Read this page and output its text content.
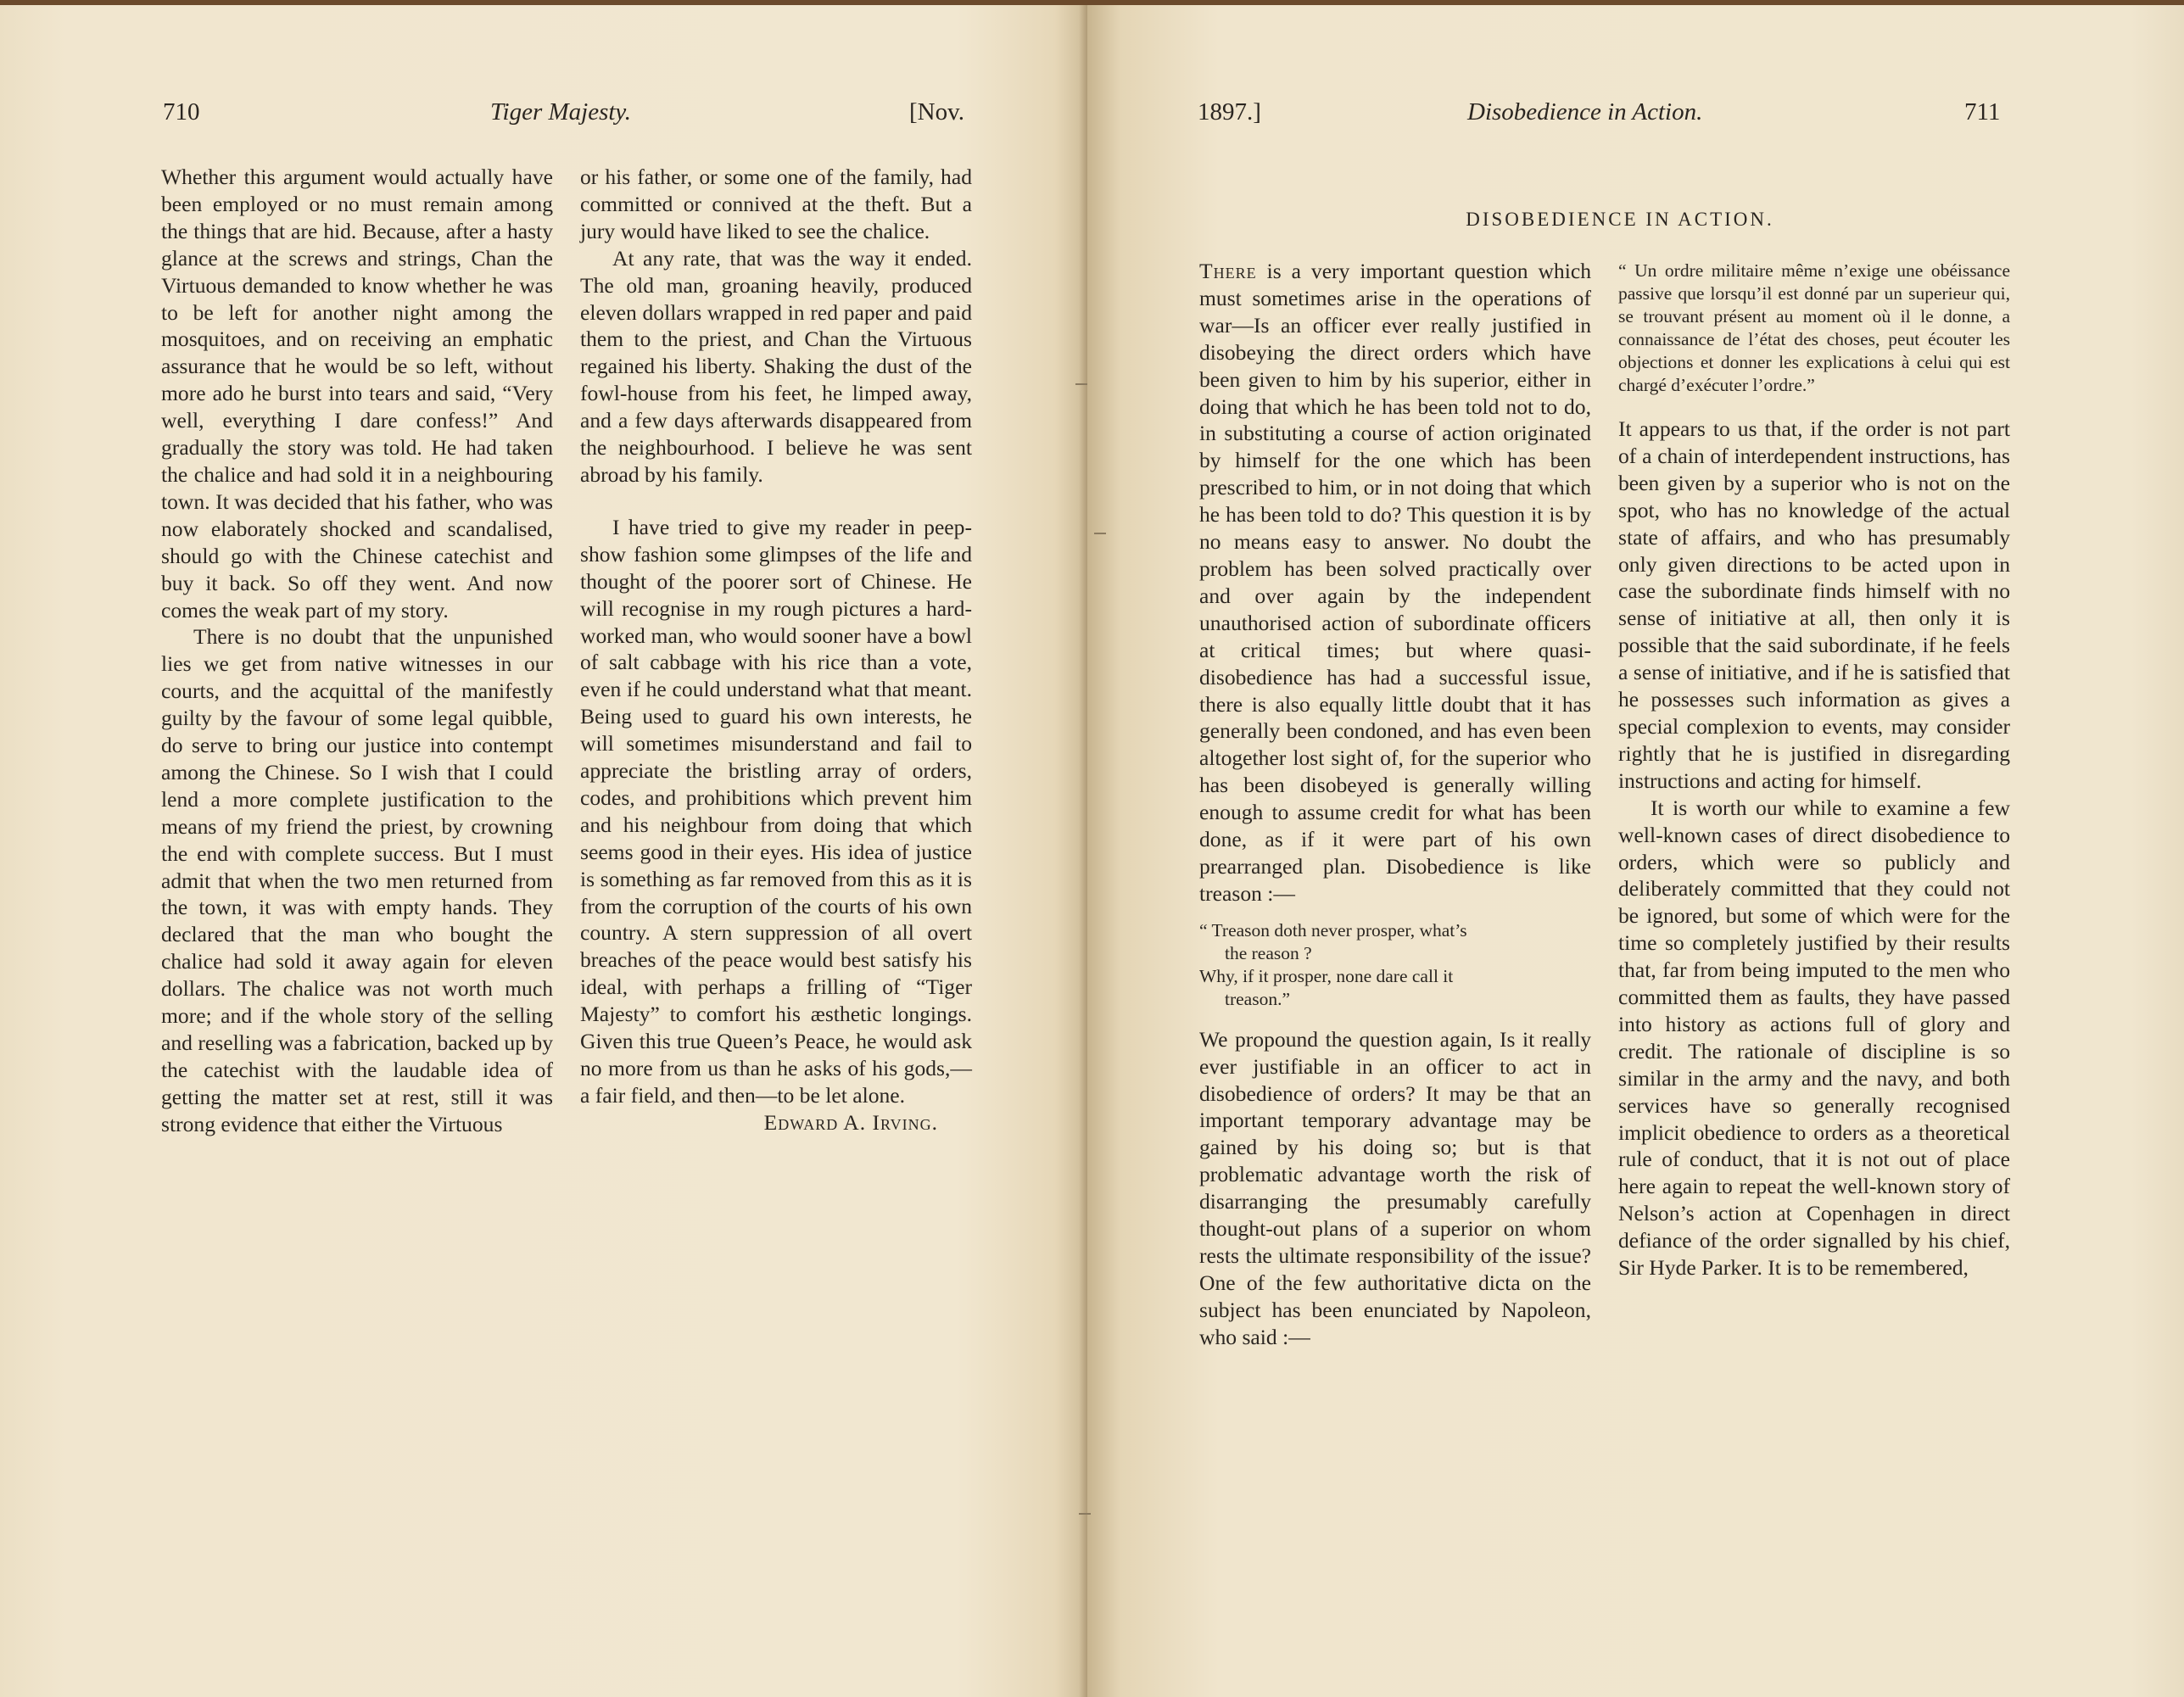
710	Tiger Majesty.	[Nov.

Whether this argument would actually have been employed or no must remain among the things that are hid. Because, after a hasty glance at the screws and strings, Chan the Virtuous demanded to know whether he was to be left for another night among the mosquitoes, and on receiving an emphatic assurance that he would be so left, without more ado he burst into tears and said, “Very well, everything I dare confess!” And gradually the story was told. He had taken the chalice and had sold it in a neighbouring town. It was decided that his father, who was now elaborately shocked and scandalised, should go with the Chinese catechist and buy it back. So off they went. And now comes the weak part of my story.

There is no doubt that the unpunished lies we get from native witnesses in our courts, and the acquittal of the manifestly guilty by the favour of some legal quibble, do serve to bring our justice into contempt among the Chinese. So I wish that I could lend a more complete justification to the means of my friend the priest, by crowning the end with complete success. But I must admit that when the two men returned from the town, it was with empty hands. They declared that the man who bought the chalice had sold it away again for eleven dollars. The chalice was not worth much more; and if the whole story of the selling and reselling was a fabrication, backed up by the catechist with the laudable idea of getting the matter set at rest, still it was strong evidence that either the Virtuous

or his father, or some one of the family, had committed or connived at the theft. But a jury would have liked to see the chalice.

At any rate, that was the way it ended. The old man, groaning heavily, produced eleven dollars wrapped in red paper and paid them to the priest, and Chan the Virtuous regained his liberty. Shaking the dust of the fowl-house from his feet, he limped away, and a few days afterwards disappeared from the neighbourhood. I believe he was sent abroad by his family.

I have tried to give my reader in peep-show fashion some glimpses of the life and thought of the poorer sort of Chinese. He will recognise in my rough pictures a hard-worked man, who would sooner have a bowl of salt cabbage with his rice than a vote, even if he could understand what that meant. Being used to guard his own interests, he will sometimes misunderstand and fail to appreciate the bristling array of orders, codes, and prohibitions which prevent him and his neighbour from doing that which seems good in their eyes. His idea of justice is something as far removed from this as it is from the corruption of the courts of his own country. A stern suppression of all overt breaches of the peace would best satisfy his ideal, with perhaps a frilling of “Tiger Majesty” to comfort his æsthetic longings. Given this true Queen’s Peace, he would ask no more from us than he asks of his gods,—a fair field, and then—to be let alone.

Edward A. Irving.

1897.]	Disobedience in Action.	711
DISOBEDIENCE IN ACTION.

There is a very important question which must sometimes arise in the operations of war—Is an officer ever really justified in disobeying the direct orders which have been given to him by his superior, either in doing that which he has been told not to do, in substituting a course of action originated by himself for the one which has been prescribed to him, or in not doing that which he has been told to do? This question it is by no means easy to answer. No doubt the problem has been solved practically over and over again by the independent unauthorised action of subordinate officers at critical times; but where quasi-disobedience has had a successful issue, there is also equally little doubt that it has generally been condoned, and has even been altogether lost sight of, for the superior who has been disobeyed is generally willing enough to assume credit for what has been done, as if it were part of his own prearranged plan. Disobedience is like treason :—

“ Treason doth never prosper, what’s

the reason ?

Why, if it prosper, none dare call it

treason.”

We propound the question again, Is it really ever justifiable in an officer to act in disobedience of orders? It may be that an important temporary advantage may be gained by his doing so; but is that problematic advantage worth the risk of disarranging the presumably carefully thought-out plans of a superior on whom rests the ultimate responsibility of the issue? One of the few authoritative dicta on the subject has been enunciated by Napoleon, who said :—

“ Un ordre militaire même n’exige une obéissance passive que lorsqu’il est donné par un superieur qui, se trouvant présent au moment où il le donne, a connaissance de l’état des choses, peut écouter les objections et donner les explications à celui qui est chargé d’exécuter l’ordre.”

It appears to us that, if the order is not part of a chain of interdependent instructions, has been given by a superior who is not on the spot, who has no knowledge of the actual state of affairs, and who has presumably only given directions to be acted upon in case the subordinate finds himself with no sense of initiative at all, then only it is possible that the said subordinate, if he feels a sense of initiative, and if he is satisfied that he possesses such information as gives a special complexion to events, may consider rightly that he is justified in disregarding instructions and acting for himself.

It is worth our while to examine a few well-known cases of direct disobedience to orders, which were so publicly and deliberately committed that they could not be ignored, but some of which were for the time so completely justified by their results that, far from being imputed to the men who committed them as faults, they have passed into history as actions full of glory and credit. The rationale of discipline is so similar in the army and the navy, and both services have so generally recognised implicit obedience to orders as a theoretical rule of conduct, that it is not out of place here again to repeat the well-known story of Nelson’s action at Copenhagen in direct defiance of the order signalled by his chief, Sir Hyde Parker. It is to be remembered,
